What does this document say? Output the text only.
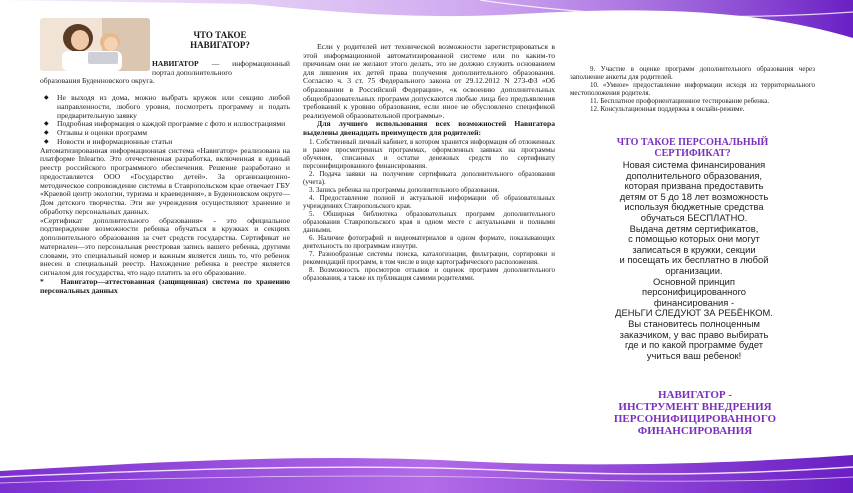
ЧТО ТАКОЕ
НАВИГАТОР?
НАВИГАТОР — информационный портал дополнительного
образования Буденновского округа.
◆ Не выходя из дома, можно выбрать кружок или секцию любой направленности, любого уровня, посмотреть программу и подать предварительную заявку
◆ Подробная информация о каждой программе с фото и иллюстрациями
◆ Отзывы и оценки программ
◆ Новости и информационные статьи
Автоматизированная информационная система «Навигатор» реализована на платформе Inlearno. Это отечественная разработка, включенная в единый реестр российского программного обеспечения. Решение разработано и предоставляется ООО «Государство детей». За организационно-методическое сопровождение системы в Ставропольском крае отвечает ГБУ «Краевой центр экологии, туризма и краеведения», в Буденновском округе—Дом детского творчества. Эти же учреждения осуществляют хранение и обработку персональных данных.
«Сертификат дополнительного образования» - это официальное подтверждение возможности ребенка обучаться в кружках и секциях дополнительного образования за счет средств государства. Сертификат не материален—это персональная реестровая запись вашего ребенка, другими словами, это специальный номер и важным является лишь то, что ребенок внесен в специальный реестр. Нахождение ребенка в реестре является сигналом для государства, что надо платить за его образование.
* Навигатор—аттестованная (защищенная) система по хранению персональных данных
Если у родителей нет технической возможности зарегистрироваться в этой информационной автоматизированной системе или по каким-то причинам они не желают этого делать, это не должно служить основанием для лишения их детей права получения дополнительного образования. Согласно ч. 3 ст. 75 Федерального закона от 29.12.2012 N 273-ФЗ «Об образовании в Российской Федерации», «к освоению дополнительных общеобразовательных программ допускаются любые лица без предъявления требований к уровню образования, если иное не обусловлено спецификой реализуемой образовательной программы».
Для лучшего использования всех возможностей Навигатора выделены двенадцать преимуществ для родителей:

1. Собственный личный кабинет, в котором хранится информация об отложенных и ранее просмотренных программах, оформленных заявках на программы обучения, списанных и остатке денежных средств по сертификату персонифицированного финансирования.

2. Подача заявки на получение сертификата дополнительного образования (учета).

3. Запись ребенка на программы дополнительного образования.

4. Предоставление полной и актуальной информации об образовательных учреждениях Ставропольского края.

5. Обширная библиотека образовательных программ дополнительного образования Ставропольского края в одном месте с актуальными и полными данными.

6. Наличие фотографий и видеоматериалов в одном формате, показывающих деятельность по программам изнутри.

7. Разнообразные системы поиска, каталогизации, фильтрации, сортировки и рекомендаций программ, в том числе в виде картографического расположения.

8. Возможность просмотров отзывов и оценок программ дополнительного образования, а также их публикация самими родителями.

9. Участие в оценке программ дополнительного образования через заполнение анкеты для родителей.

10. «Умное» предоставление информации исходя из территориального местоположения родителя.

11. Бесплатное профориентационное тестирование ребенка.

12. Консультационная поддержка в онлайн-режиме.

ЧТО ТАКОЕ ПЕРСОНАЛЬНЫЙ
СЕРТИФИКАТ?
Новая система финансирования
дополнительного образования,
которая призвана предоставить
детям от 5 до 18 лет возможность
используя бюджетные средства
обучаться БЕСПЛАТНО.
Выдача детям сертификатов,
с помощью которых они могут
записаться в кружки, секции
и посещать их бесплатно в любой
организации.
Основной принцип
персонифицированного
финансирования -
ДЕНЬГИ СЛЕДУЮТ ЗА РЕБЁНКОМ.
Вы становитесь полноценным
заказчиком, у вас право выбирать
где и по какой программе будет
учиться ваш ребенок!
НАВИГАТОР -
ИНСТРУМЕНТ ВНЕДРЕНИЯ
ПЕРСОНИФИЦИРОВАННОГО
ФИНАНСИРОВАНИЯ
